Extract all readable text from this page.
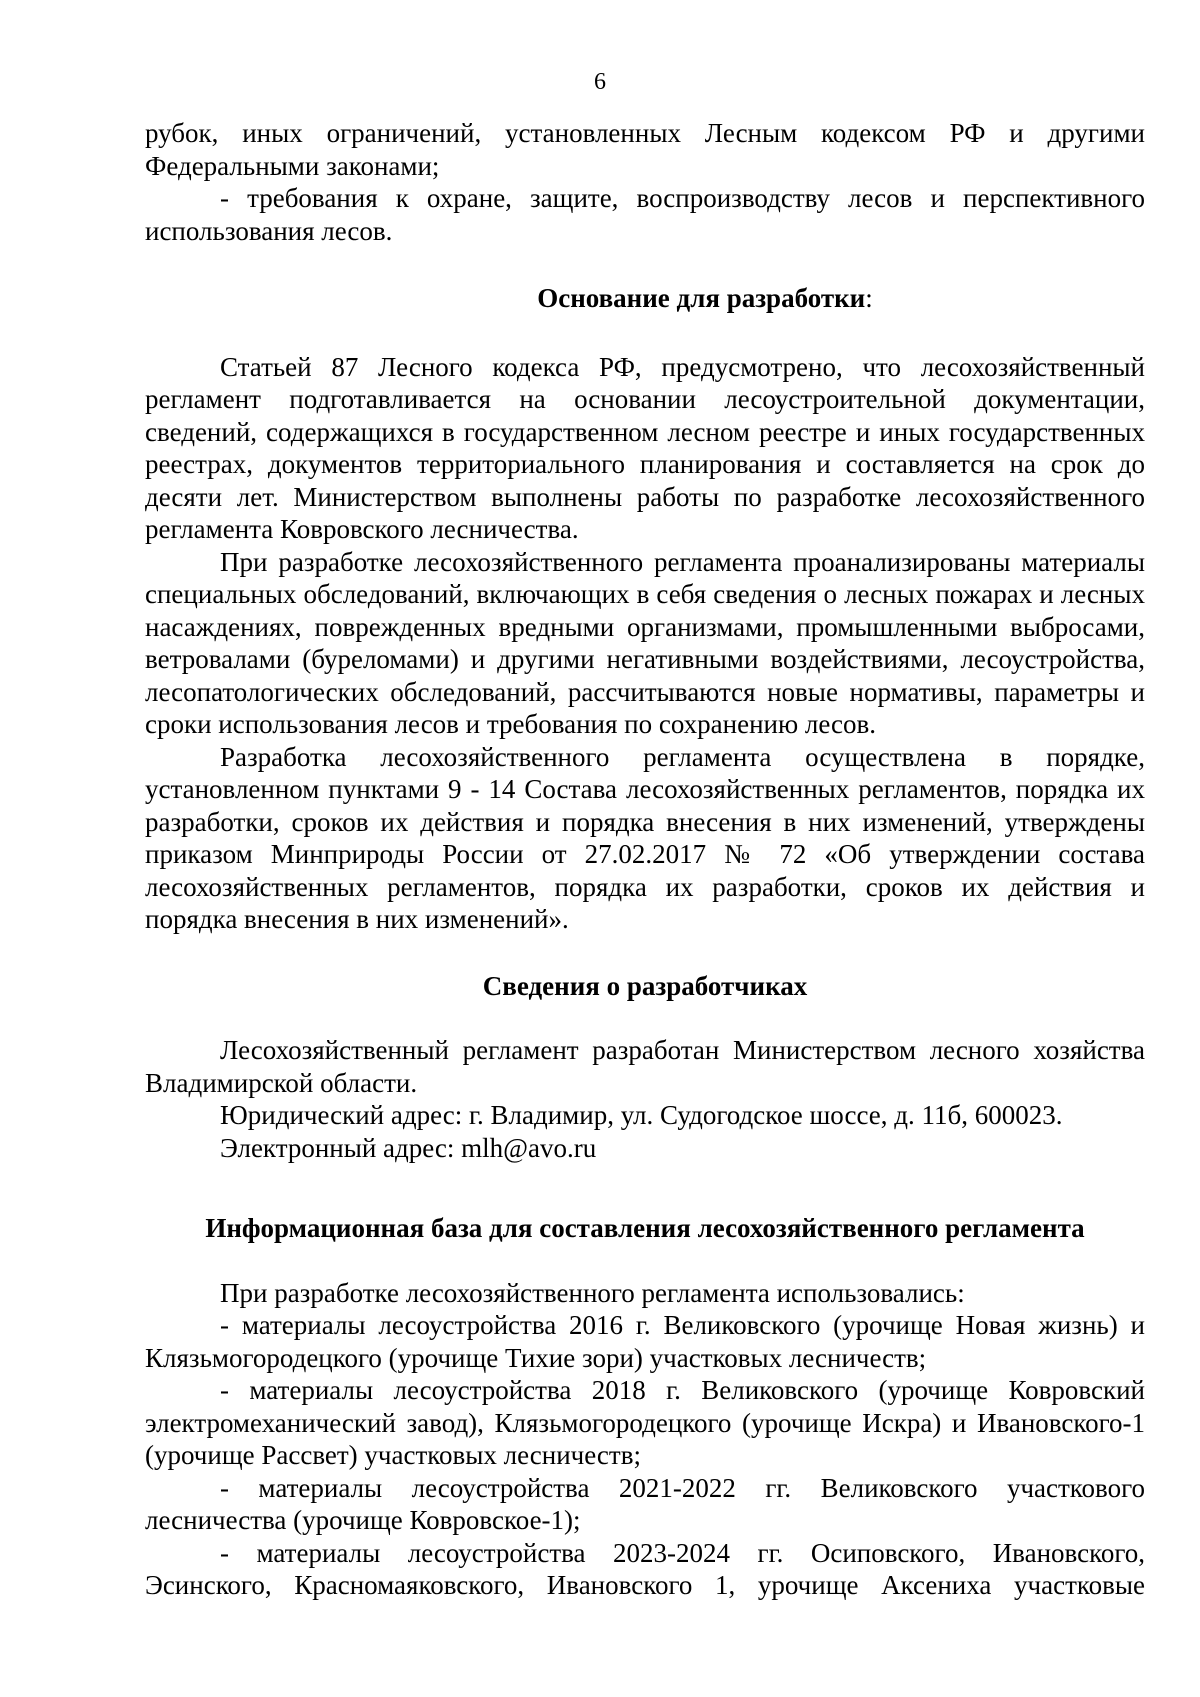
6

рубок, иных ограничений, установленных Лесным кодексом РФ и другими Федеральными законами;

- требования к охране, защите, воспроизводству лесов и перспективного использования лесов.

Основание для разработки:

Статьей 87 Лесного кодекса РФ, предусмотрено, что лесохозяйственный регламент подготавливается на основании лесоустроительной документации, сведений, содержащихся в государственном лесном реестре и иных государственных реестрах, документов территориального планирования и составляется на срок до десяти лет. Министерством выполнены работы по разработке лесохозяйственного регламента Ковровского лесничества.

При разработке лесохозяйственного регламента проанализированы материалы специальных обследований, включающих в себя сведения о лесных пожарах и лесных насаждениях, поврежденных вредными организмами, промышленными выбросами, ветровалами (буреломами) и другими негативными воздействиями, лесоустройства, лесопатологических обследований, рассчитываются новые нормативы, параметры и сроки использования лесов и требования по сохранению лесов.

Разработка лесохозяйственного регламента осуществлена в порядке, установленном пунктами 9 - 14 Состава лесохозяйственных регламентов, порядка их разработки, сроков их действия и порядка внесения в них изменений, утверждены приказом Минприроды России от 27.02.2017 № 72 «Об утверждении состава лесохозяйственных регламентов, порядка их разработки, сроков их действия и порядка внесения в них изменений».

Сведения о разработчиках

Лесохозяйственный регламент разработан Министерством лесного хозяйства Владимирской области.

Юридический адрес: г. Владимир, ул. Судогодское шоссе, д. 11б, 600023.

Электронный адрес: mlh@avo.ru

Информационная база для составления лесохозяйственного регламента

При разработке лесохозяйственного регламента использовались:

- материалы лесоустройства 2016 г. Великовского (урочище Новая жизнь) и Клязьмогородецкого (урочище Тихие зори) участковых лесничеств;

- материалы лесоустройства 2018 г. Великовского (урочище Ковровский электромеханический завод), Клязьмогородецкого (урочище Искра) и Ивановского-1 (урочище Рассвет) участковых лесничеств;

- материалы лесоустройства 2021-2022 гг. Великовского участкового лесничества (урочище Ковровское-1);

- материалы лесоустройства 2023-2024 гг. Осиповского, Ивановского, Эсинского, Красномаяковского, Ивановского 1, урочище Аксениха участковые
